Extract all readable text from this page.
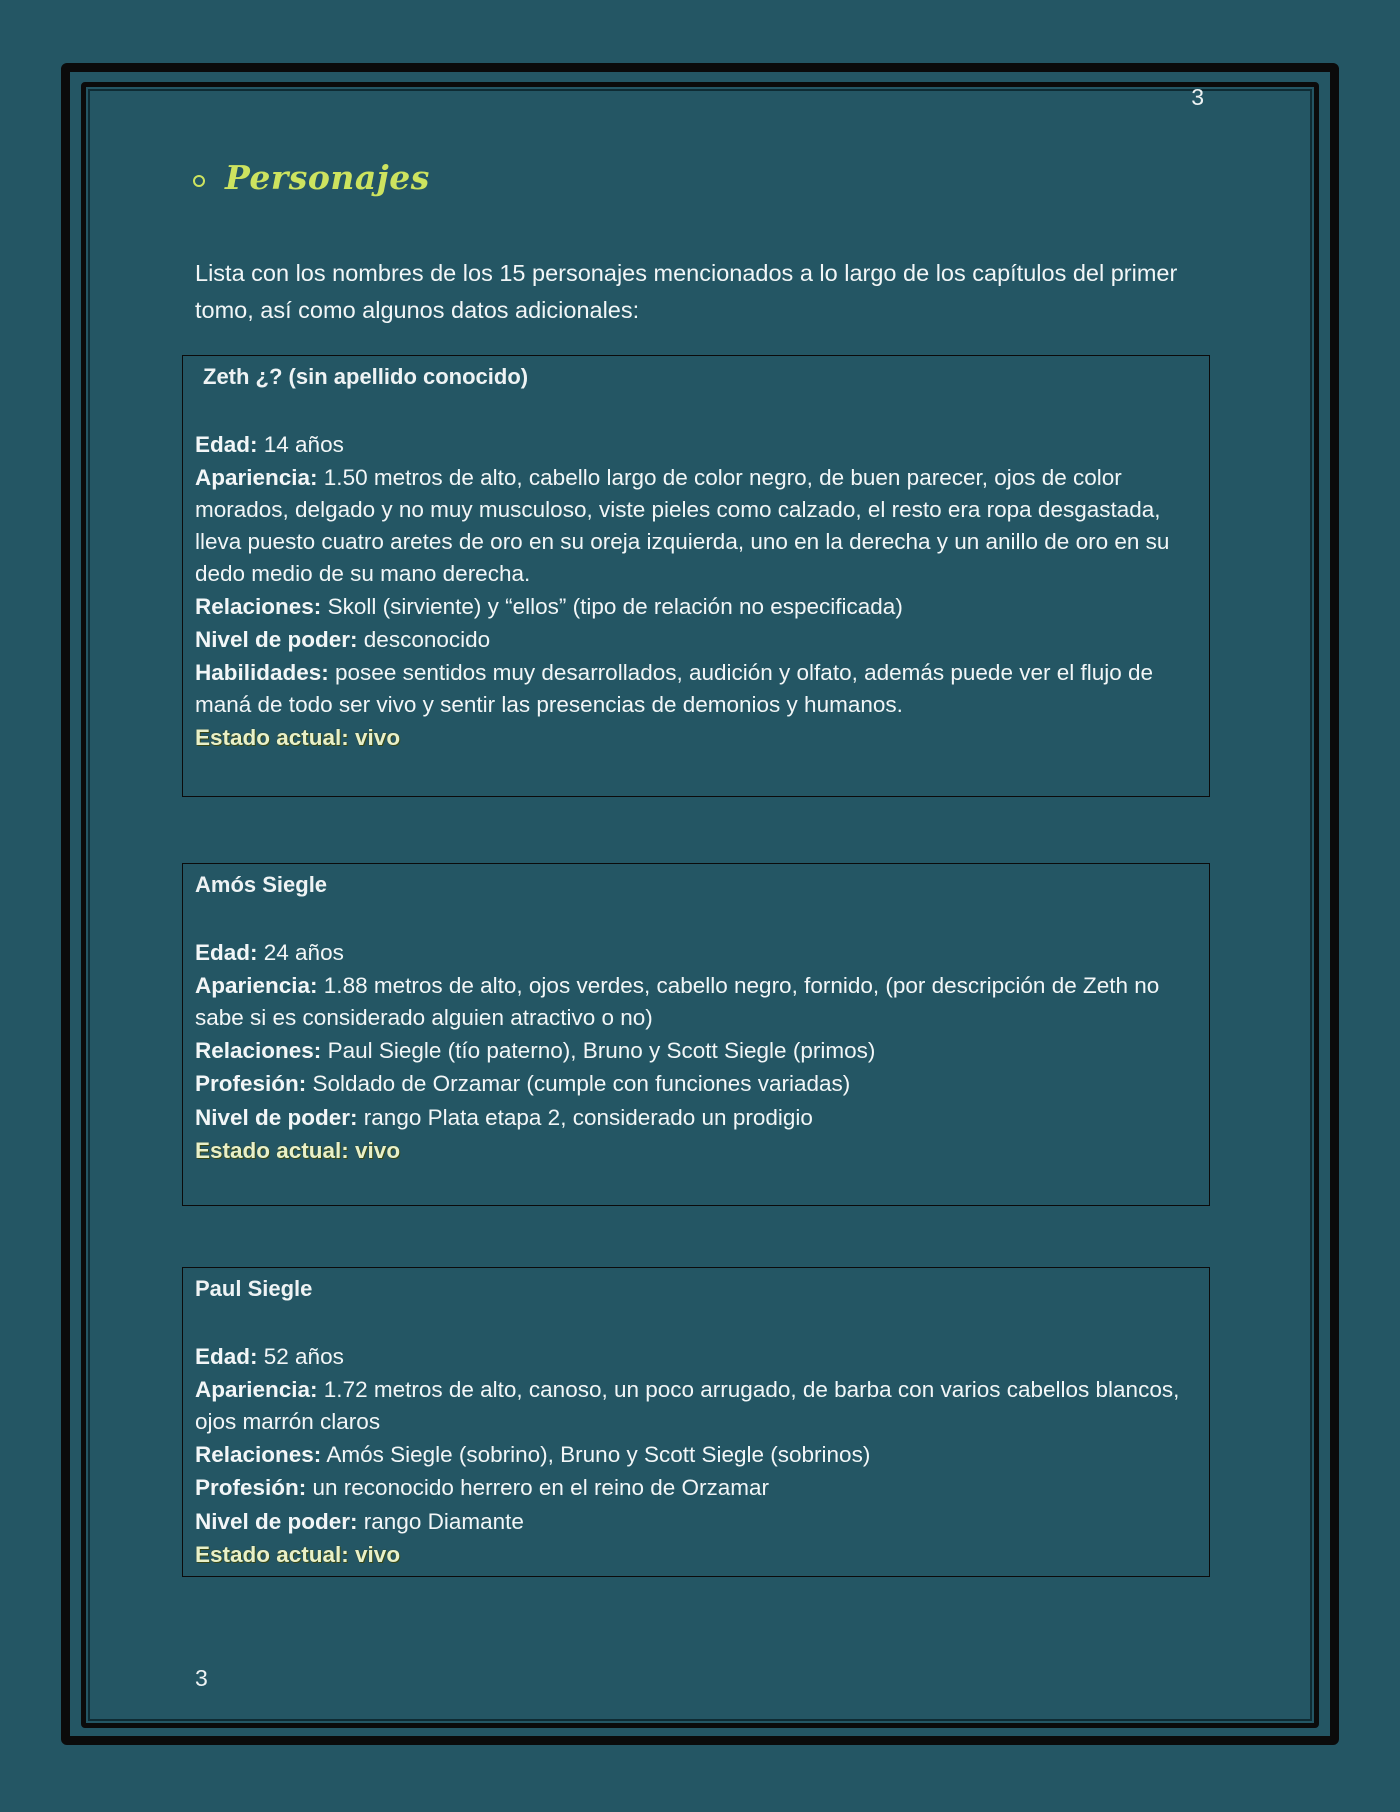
3
Personajes
Lista con los nombres de los 15 personajes mencionados a lo largo de los capítulos del primer tomo, así como algunos datos adicionales:
Zeth ¿? (sin apellido conocido)
Edad: 14 años
Apariencia: 1.50 metros de alto, cabello largo de color negro, de buen parecer, ojos de color morados, delgado y no muy musculoso, viste pieles como calzado, el resto era ropa desgastada, lleva puesto cuatro aretes de oro en su oreja izquierda, uno en la derecha y un anillo de oro en su dedo medio de su mano derecha.
Relaciones: Skoll (sirviente) y “ellos” (tipo de relación no especificada)
Nivel de poder: desconocido
Habilidades: posee sentidos muy desarrollados, audición y olfato, además puede ver el flujo de maná de todo ser vivo y sentir las presencias de demonios y humanos.
Estado actual: vivo
Amós Siegle
Edad: 24 años
Apariencia: 1.88 metros de alto, ojos verdes, cabello negro, fornido, (por descripción de Zeth no sabe si es considerado alguien atractivo o no)
Relaciones: Paul Siegle (tío paterno), Bruno y Scott Siegle (primos)
Profesión: Soldado de Orzamar (cumple con funciones variadas)
Nivel de poder: rango Plata etapa 2, considerado un prodigio
Estado actual: vivo
Paul Siegle
Edad: 52 años
Apariencia: 1.72 metros de alto, canoso, un poco arrugado, de barba con varios cabellos blancos, ojos marrón claros
Relaciones: Amós Siegle (sobrino), Bruno y Scott Siegle (sobrinos)
Profesión: un reconocido herrero en el reino de Orzamar
Nivel de poder: rango Diamante
Estado actual: vivo
3
